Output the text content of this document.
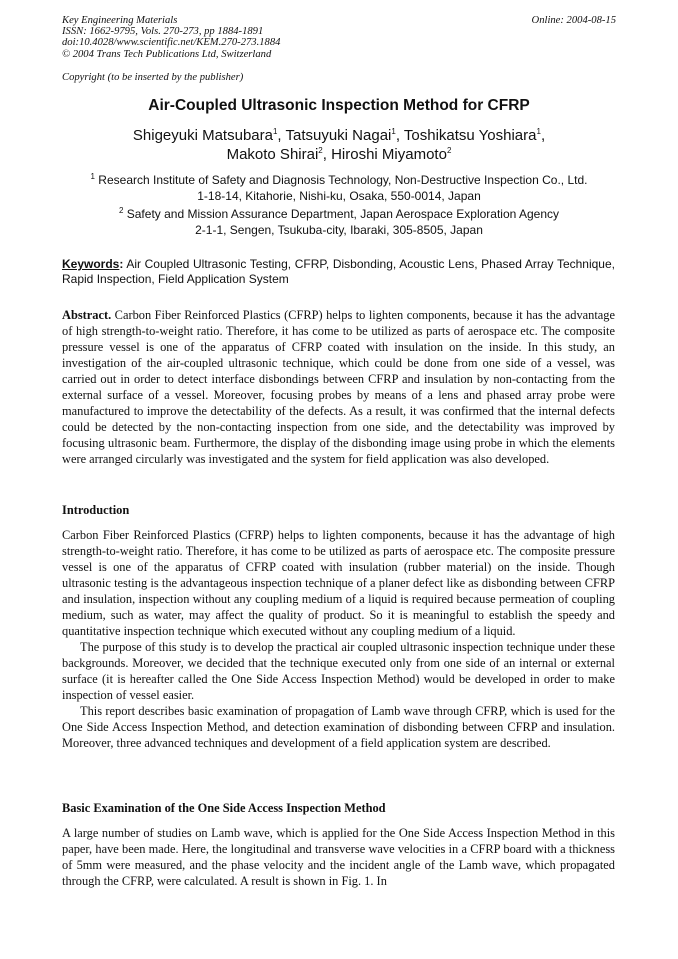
Key Engineering Materials
ISSN: 1662-9795, Vols. 270-273, pp 1884-1891
doi:10.4028/www.scientific.net/KEM.270-273.1884
© 2004 Trans Tech Publications Ltd, Switzerland
Online: 2004-08-15
Copyright (to be inserted by the publisher)
Air-Coupled Ultrasonic Inspection Method for CFRP
Shigeyuki Matsubara$^1$, Tatsuyuki Nagai$^1$, Toshikatsu Yoshiara$^1$,
Makoto Shirai$^2$, Hiroshi Miyamoto$^2$
$^1$ Research Institute of Safety and Diagnosis Technology, Non-Destructive Inspection Co., Ltd.
1-18-14, Kitahorie, Nishi-ku, Osaka, 550-0014, Japan
$^2$ Safety and Mission Assurance Department, Japan Aerospace Exploration Agency
2-1-1, Sengen, Tsukuba-city, Ibaraki, 305-8505, Japan
Keywords: Air Coupled Ultrasonic Testing, CFRP, Disbonding, Acoustic Lens, Phased Array Technique, Rapid Inspection, Field Application System

Abstract. Carbon Fiber Reinforced Plastics (CFRP) helps to lighten components, because it has the advantage of high strength-to-weight ratio. Therefore, it has come to be utilized as parts of aerospace etc. The composite pressure vessel is one of the apparatus of CFRP coated with insulation on the inside. In this study, an investigation of the air-coupled ultrasonic technique, which could be done from one side of a vessel, was carried out in order to detect interface disbondings between CFRP and insulation by non-contacting from the external surface of a vessel. Moreover, focusing probes by means of a lens and phased array probe were manufactured to improve the detectability of the defects. As a result, it was confirmed that the internal defects could be detected by the non-contacting inspection from one side, and the detectability was improved by focusing ultrasonic beam. Furthermore, the display of the disbonding image using probe in which the elements were arranged circularly was investigated and the system for field application was also developed.

Introduction

Carbon Fiber Reinforced Plastics (CFRP) helps to lighten components, because it has the advantage of high strength-to-weight ratio. Therefore, it has come to be utilized as parts of aerospace etc. The composite pressure vessel is one of the apparatus of CFRP coated with insulation (rubber material) on the inside. Though ultrasonic testing is the advantageous inspection technique of a planer defect like as disbonding between CFRP and insulation, inspection without any coupling medium of a liquid is required because permeation of coupling medium, such as water, may affect the quality of product. So it is meaningful to establish the speedy and quantitative inspection technique which executed without any coupling medium of a liquid.

The purpose of this study is to develop the practical air coupled ultrasonic inspection technique under these backgrounds. Moreover, we decided that the technique executed only from one side of an internal or external surface (it is hereafter called the One Side Access Inspection Method) would be developed in order to make inspection of vessel easier.

This report describes basic examination of propagation of Lamb wave through CFRP, which is used for the One Side Access Inspection Method, and detection examination of disbonding between CFRP and insulation. Moreover, three advanced techniques and development of a field application system are described.

Basic Examination of the One Side Access Inspection Method

A large number of studies on Lamb wave, which is applied for the One Side Access Inspection Method in this paper, have been made. Here, the longitudinal and transverse wave velocities in a CFRP board with a thickness of 5mm were measured, and the phase velocity and the incident angle of the Lamb wave, which propagated through the CFRP, were calculated. A result is shown in Fig. 1. In
